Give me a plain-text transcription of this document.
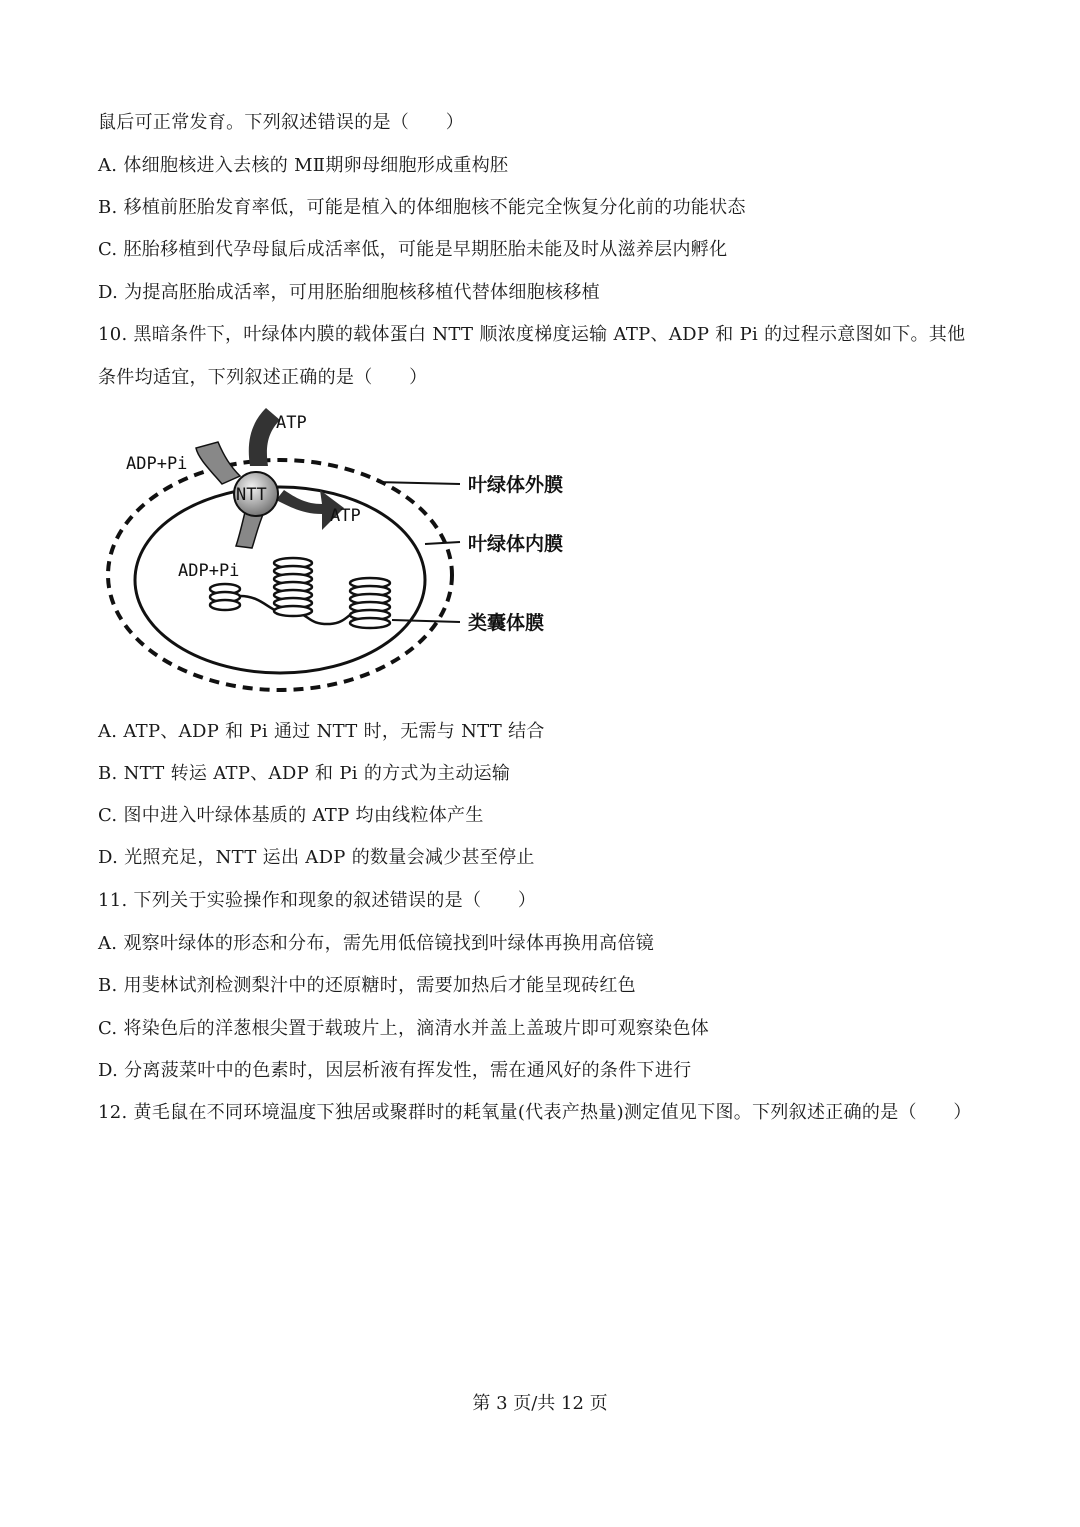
鼠后可正常发育。下列叙述错误的是（　　）
A. 体细胞核进入去核的 MⅡ期卵母细胞形成重构胚
B. 移植前胚胎发育率低，可能是植入的体细胞核不能完全恢复分化前的功能状态
C. 胚胎移植到代孕母鼠后成活率低，可能是早期胚胎未能及时从滋养层内孵化
D. 为提高胚胎成活率，可用胚胎细胞核移植代替体细胞核移植
10. 黑暗条件下，叶绿体内膜的载体蛋白 NTT 顺浓度梯度运输 ATP、ADP 和 Pi 的过程示意图如下。其他
条件均适宜，下列叙述正确的是（　　）
NTT
ATP
ADP+Pi
ATP
ADP+Pi
叶绿体外膜
叶绿体内膜
类囊体膜
A. ATP、ADP 和 Pi 通过 NTT 时，无需与 NTT 结合
B. NTT 转运 ATP、ADP 和 Pi 的方式为主动运输
C. 图中进入叶绿体基质的 ATP 均由线粒体产生
D. 光照充足，NTT 运出 ADP 的数量会减少甚至停止
11. 下列关于实验操作和现象的叙述错误的是（　　）
A. 观察叶绿体的形态和分布，需先用低倍镜找到叶绿体再换用高倍镜
B. 用斐林试剂检测梨汁中的还原糖时，需要加热后才能呈现砖红色
C. 将染色后的洋葱根尖置于载玻片上，滴清水并盖上盖玻片即可观察染色体
D. 分离菠菜叶中的色素时，因层析液有挥发性，需在通风好的条件下进行
12. 黄毛鼠在不同环境温度下独居或聚群时的耗氧量(代表产热量)测定值见下图。下列叙述正确的是（　　）
第 3 页/共 12 页
